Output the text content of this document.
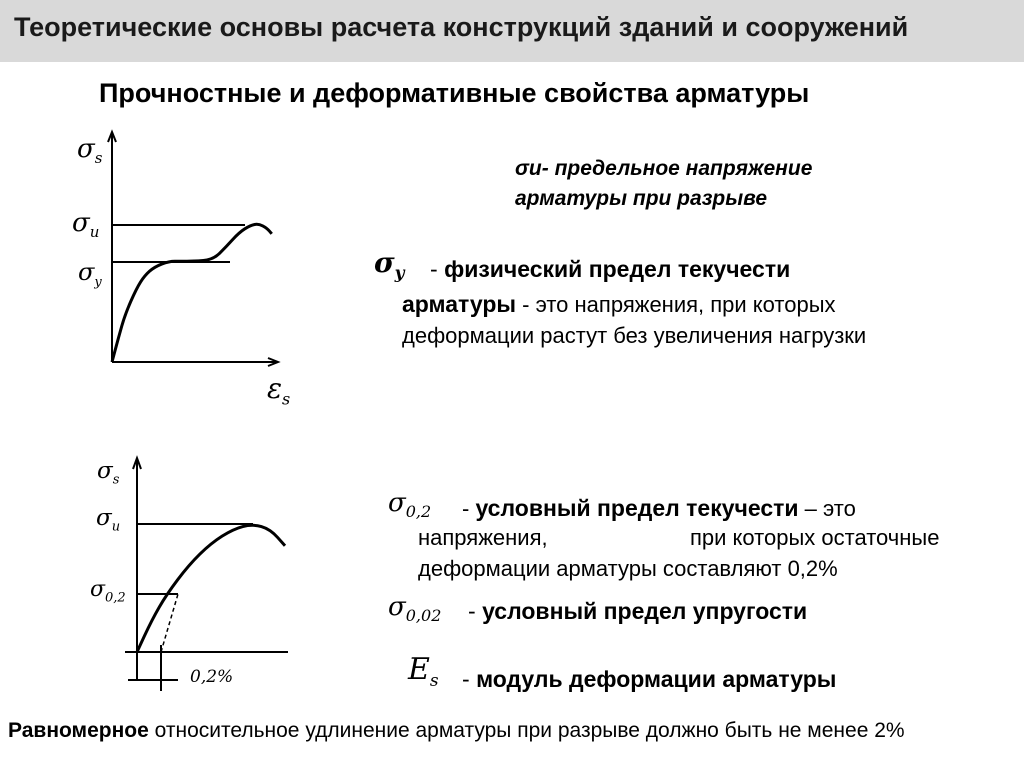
Теоретические основы расчета конструкций зданий и сооружений
Прочностные и деформативные свойства арматуры
$\sigma_s$
$\sigma_u$
$\sigma_y$
$\varepsilon_s$
σu- предельное напряжение
арматуры при разрыве
$\sigma_y$ - физический предел текучести
арматуры - это напряжения, при которых
деформации растут без увеличения нагрузки
$\sigma_s$
$\sigma_u$
$\sigma_{0,2}$
0,2%
$\sigma_{0,2}$ - условный предел текучести – это
напряжения,	при которых остаточные
деформации арматуры составляют 0,2%
$\sigma_{0,02}$ - условный предел упругости
$E_s$ - модуль деформации арматуры
Равномерное относительное удлинение арматуры при разрыве должно быть не менее 2%
